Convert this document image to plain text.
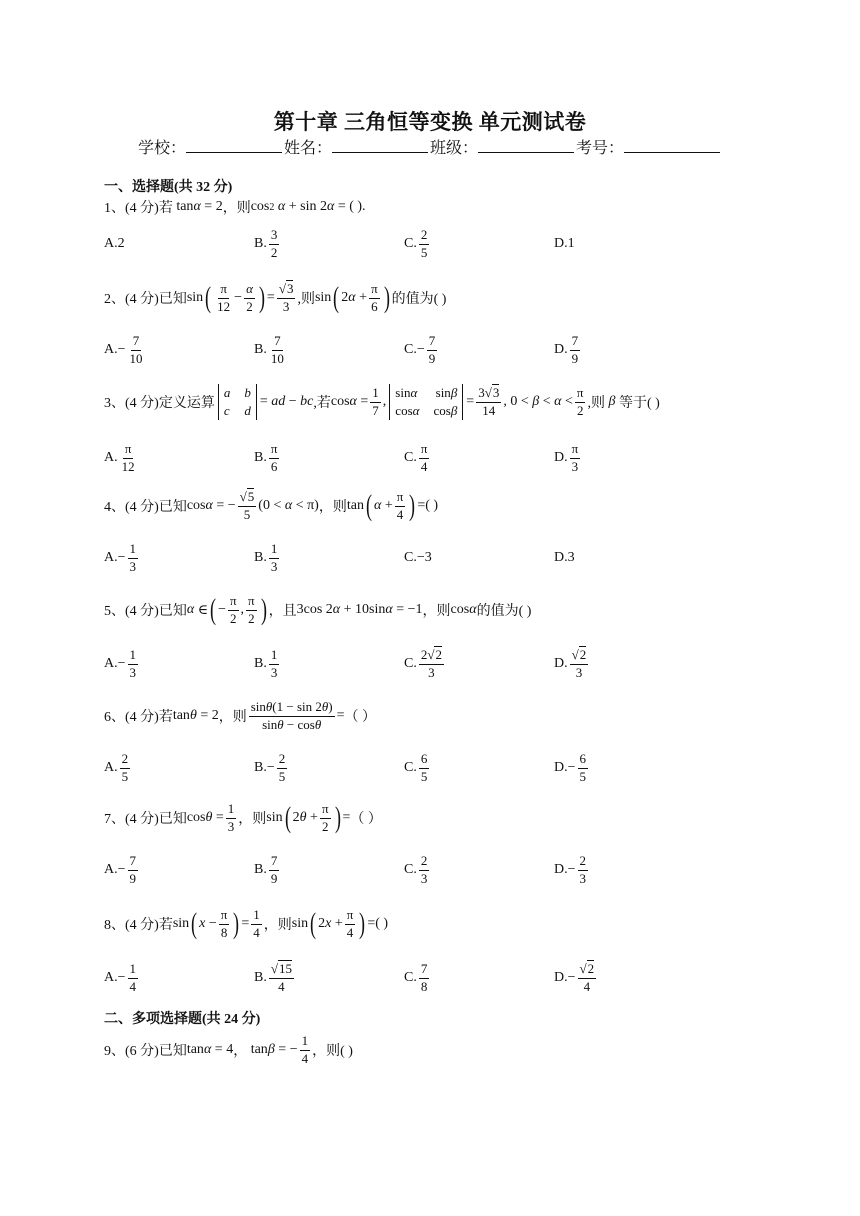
第十章 三角恒等变换 单元测试卷
学校：	姓名：	班级：	考号：
一、选择题(共 32 分)
1、(4 分)若 tan α = 2 ，则 cos 2
α + sin 2 α = ( ).
A.2	B. $\frac{3}{2}$	C. $\frac{2}{5}$	D.1
2、(4 分)已知 sin ( $\frac{\pi}{12} - \frac{\alpha}{2}$ ) = $\frac{√3}{3}$ ,则 sin ( 2 $\alpha + \frac{\pi}{6}$ ) 的值为( )
A. − $\frac{7}{10}$	B. $\frac{7}{10}$	C. − $\frac{7}{9}$	D. $\frac{7}{9}$
3、(4 分)定义运算
a b
c d
= ad − bc ,若 $\cos \alpha = \frac{1}{7}$ ,
sinα sinβ
cosα cosβ
= $\frac{3√3}{14}$ , $0 < \beta < \alpha < \frac{\pi}{2}$ ,则 β 等于( )
A. $\frac{\pi}{12}$	B. $\frac{\pi}{6}$	C. $\frac{\pi}{4}$	D. $\frac{\pi}{3}$
4、(4 分)已知 cos α = − $\frac{√5}{5} (0 < \alpha < \pi)$ ，则 tan ( $\alpha + \frac{\pi}{4}$ ) = ( )
A. − $\frac{1}{3}$	B. $\frac{1}{3}$	C.−3	D.3
5、(4 分)已知 α ∈ ( − $\frac{\pi}{2}$ , $\frac{\pi}{2}$ ) ，且 3cos 2 α + 10sin α = −1 ，则 cos α 的值为( )
A. − $\frac{1}{3}$	B. $\frac{1}{3}$	C. $\frac{2√2}{3}$	D. $\frac{√2}{3}$
6、(4 分)若 tan θ = 2 ，则 $\frac{\sin\theta(1 - \sin 2\theta)}{\sin\theta - \cos\theta}$ = （ ）
A. $\frac{2}{5}$	B. − $\frac{2}{5}$	C. $\frac{6}{5}$	D. − $\frac{6}{5}$
7、(4 分)已知 $\cos \theta = \frac{1}{3}$ ，则 sin ( 2 $\theta + \frac{\pi}{2}$ ) = （ ）
A. − $\frac{7}{9}$	B. $\frac{7}{9}$	C. $\frac{2}{3}$	D. − $\frac{2}{3}$
8、(4 分)若 sin ( $x - \frac{\pi}{8}$ ) = $\frac{1}{4}$ ，则 sin ( 2 $x + \frac{\pi}{4}$ ) = ( )
A. − $\frac{1}{4}$	B. $\frac{√15}{4}$	C. $\frac{7}{8}$	D. − $\frac{√2}{4}$
二、多项选择题(共 24 分)
9、(6 分)已知 tan α = 4 ， tan β = − $\frac{1}{4}$ ，则( )
